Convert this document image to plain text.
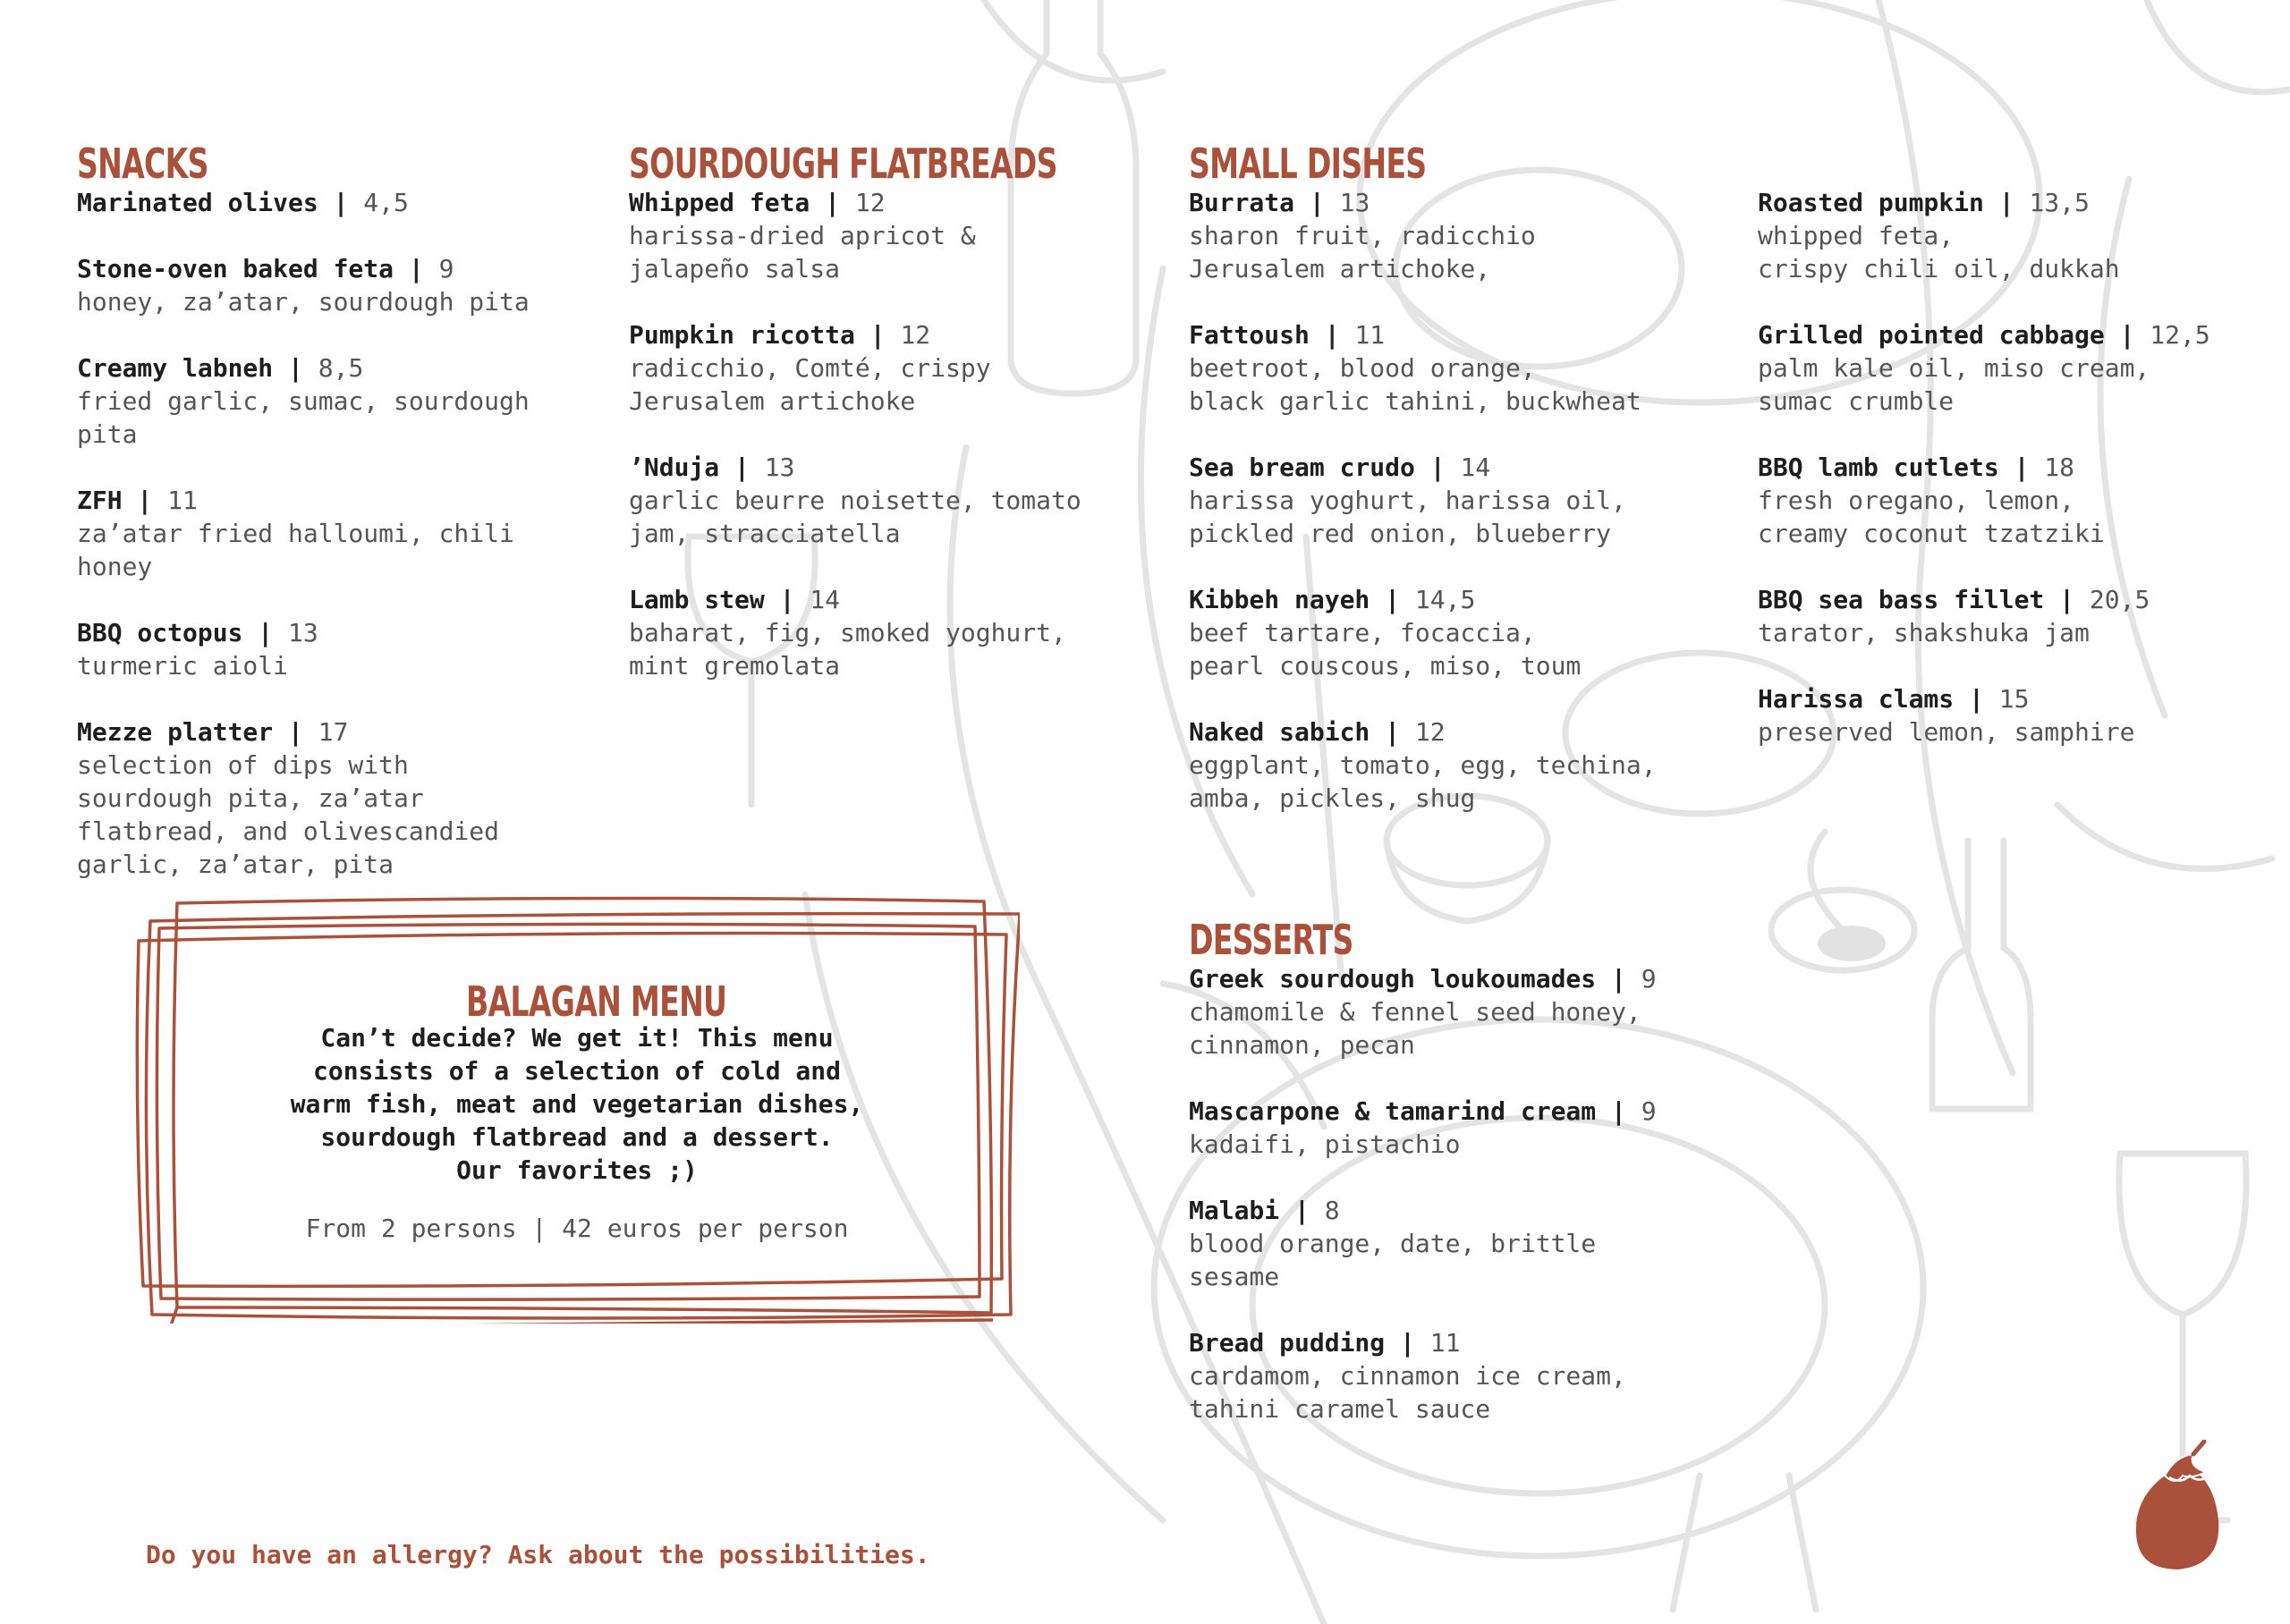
SNACKS
Marinated olives | 4,5
Stone-oven baked feta | 9
honey, za’atar, sourdough pita
Creamy labneh | 8,5
fried garlic, sumac, sourdough
pita
ZFH | 11
za’atar fried halloumi, chili
honey
BBQ octopus | 13
turmeric aioli
Mezze platter | 17
selection of dips with
sourdough pita, za’atar
flatbread, and olivescandied
garlic, za’atar, pita
SOURDOUGH FLATBREADS
Whipped feta | 12
harissa-dried apricot &
jalapeño salsa
Pumpkin ricotta | 12
radicchio, Comté, crispy
Jerusalem artichoke
’Nduja | 13
garlic beurre noisette, tomato
jam, stracciatella
Lamb stew | 14
baharat, fig, smoked yoghurt,
mint gremolata
SMALL DISHES
Burrata | 13
sharon fruit, radicchio
Jerusalem artichoke,
Fattoush | 11
beetroot, blood orange,
black garlic tahini, buckwheat
Sea bream crudo | 14
harissa yoghurt, harissa oil,
pickled red onion, blueberry
Kibbeh nayeh | 14,5
beef tartare, focaccia,
pearl couscous, miso, toum
Naked sabich | 12
eggplant, tomato, egg, techina,
amba, pickles, shug
Roasted pumpkin | 13,5
whipped feta,
crispy chili oil, dukkah
Grilled pointed cabbage | 12,5
palm kale oil, miso cream,
sumac crumble
BBQ lamb cutlets | 18
fresh oregano, lemon,
creamy coconut tzatziki
BBQ sea bass fillet | 20,5
tarator, shakshuka jam
Harissa clams | 15
preserved lemon, samphire
DESSERTS
Greek sourdough loukoumades | 9
chamomile & fennel seed honey,
cinnamon, pecan
Mascarpone & tamarind cream | 9
kadaifi, pistachio
Malabi | 8
blood orange, date, brittle
sesame
Bread pudding | 11
cardamom, cinnamon ice cream,
tahini caramel sauce
BALAGAN MENU
Can’t decide? We get it! This menu
consists of a selection of cold and
warm fish, meat and vegetarian dishes,
sourdough flatbread and a dessert.
Our favorites ;)

From 2 persons | 42 euros per person

Do you have an allergy? Ask about the possibilities.
